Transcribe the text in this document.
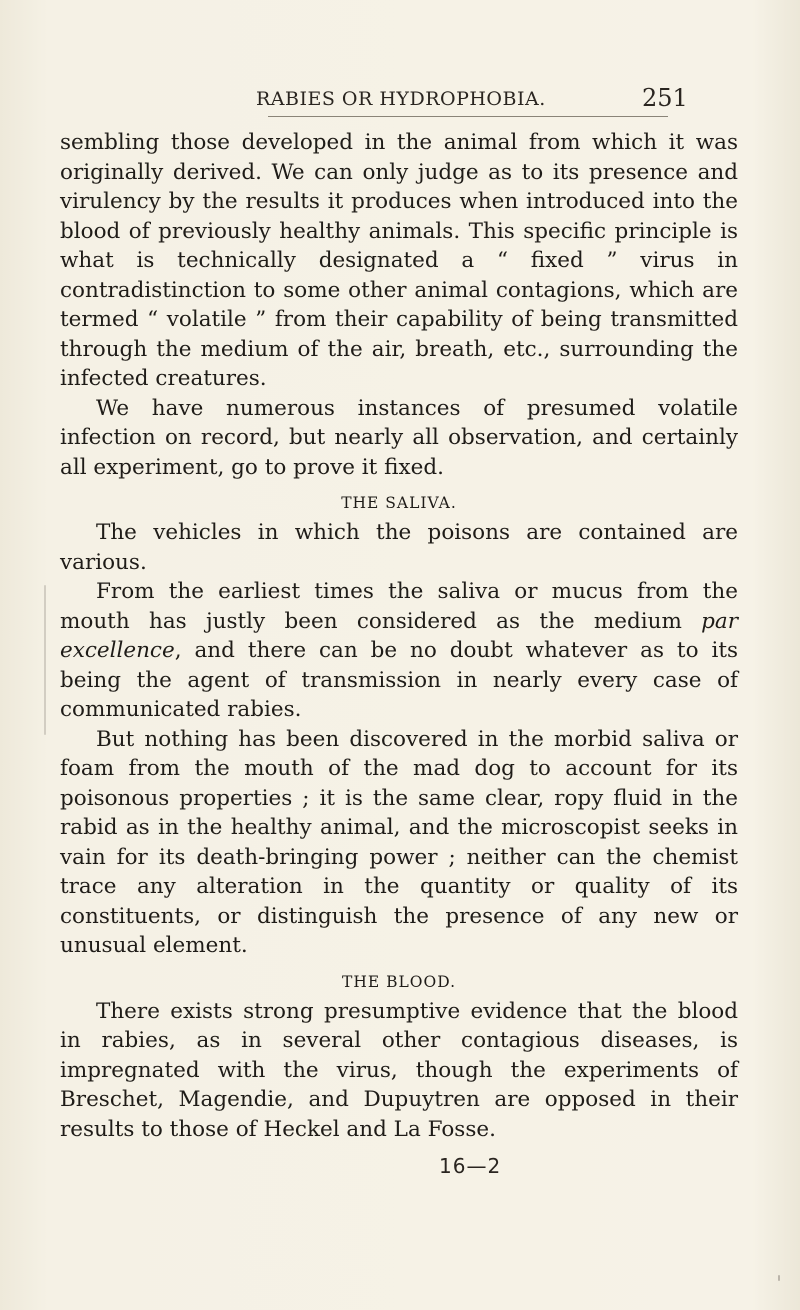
RABIES OR HYDROPHOBIA.	251

sembling those developed in the animal from which it was originally derived. We can only judge as to its presence and virulency by the results it produces when introduced into the blood of previously healthy animals. This specific principle is what is technically designated a “ fixed ” virus in contradistinction to some other animal contagions, which are termed “ volatile ” from their capability of being transmitted through the medium of the air, breath, etc., surrounding the infected creatures.

We have numerous instances of presumed volatile infection on record, but nearly all observation, and certainly all experiment, go to prove it fixed.

THE SALIVA.

The vehicles in which the poisons are contained are various.

From the earliest times the saliva or mucus from the mouth has justly been considered as the medium par excellence, and there can be no doubt whatever as to its being the agent of transmission in nearly every case of communicated rabies.

But nothing has been discovered in the morbid saliva or foam from the mouth of the mad dog to account for its poisonous properties ; it is the same clear, ropy fluid in the rabid as in the healthy animal, and the microscopist seeks in vain for its death-bringing power ; neither can the chemist trace any alteration in the quantity or quality of its constituents, or distinguish the presence of any new or unusual element.

THE BLOOD.

There exists strong presumptive evidence that the blood in rabies, as in several other contagious diseases, is impregnated with the virus, though the experiments of Breschet, Magendie, and Dupuytren are opposed in their results to those of Heckel and La Fosse.

16—2
